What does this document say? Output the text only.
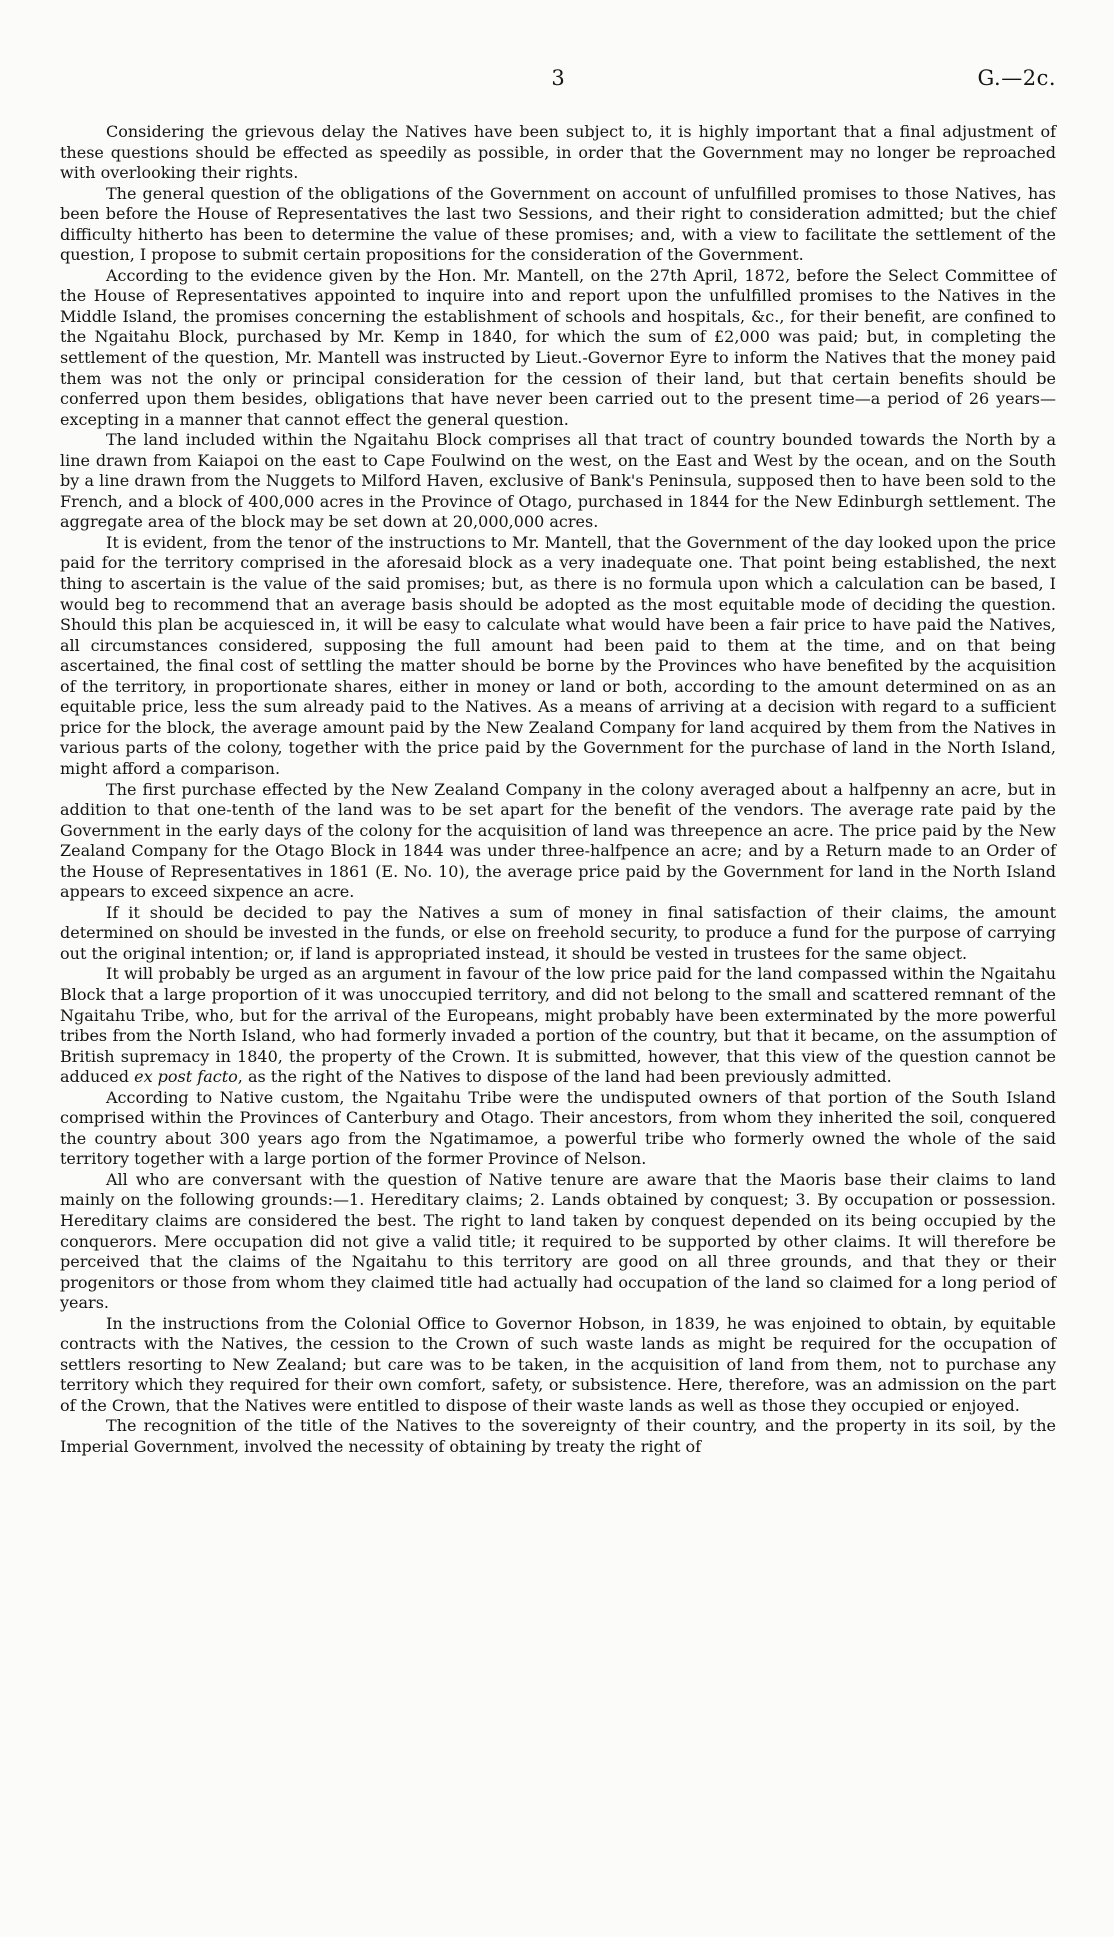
3	G.—2c.

Considering the grievous delay the Natives have been subject to, it is highly important that a final adjustment of these questions should be effected as speedily as possible, in order that the Government may no longer be reproached with overlooking their rights.

The general question of the obligations of the Government on account of unfulfilled promises to those Natives, has been before the House of Representatives the last two Sessions, and their right to consideration admitted; but the chief difficulty hitherto has been to determine the value of these promises; and, with a view to facilitate the settlement of the question, I propose to submit certain propositions for the consideration of the Government.

According to the evidence given by the Hon. Mr. Mantell, on the 27th April, 1872, before the Select Committee of the House of Representatives appointed to inquire into and report upon the unfulfilled promises to the Natives in the Middle Island, the promises concerning the establishment of schools and hospitals, &c., for their benefit, are confined to the Ngaitahu Block, purchased by Mr. Kemp in 1840, for which the sum of £2,000 was paid; but, in completing the settlement of the question, Mr. Mantell was instructed by Lieut.-Governor Eyre to inform the Natives that the money paid them was not the only or principal consideration for the cession of their land, but that certain benefits should be conferred upon them besides, obligations that have never been carried out to the present time—a period of 26 years—excepting in a manner that cannot effect the general question.

The land included within the Ngaitahu Block comprises all that tract of country bounded towards the North by a line drawn from Kaiapoi on the east to Cape Foulwind on the west, on the East and West by the ocean, and on the South by a line drawn from the Nuggets to Milford Haven, exclusive of Bank's Peninsula, supposed then to have been sold to the French, and a block of 400,000 acres in the Province of Otago, purchased in 1844 for the New Edinburgh settlement. The aggregate area of the block may be set down at 20,000,000 acres.

It is evident, from the tenor of the instructions to Mr. Mantell, that the Government of the day looked upon the price paid for the territory comprised in the aforesaid block as a very inadequate one. That point being established, the next thing to ascertain is the value of the said promises; but, as there is no formula upon which a calculation can be based, I would beg to recommend that an average basis should be adopted as the most equitable mode of deciding the question. Should this plan be acquiesced in, it will be easy to calculate what would have been a fair price to have paid the Natives, all circumstances considered, supposing the full amount had been paid to them at the time, and on that being ascertained, the final cost of settling the matter should be borne by the Provinces who have benefited by the acquisition of the territory, in proportionate shares, either in money or land or both, according to the amount determined on as an equitable price, less the sum already paid to the Natives. As a means of arriving at a decision with regard to a sufficient price for the block, the average amount paid by the New Zealand Company for land acquired by them from the Natives in various parts of the colony, together with the price paid by the Government for the purchase of land in the North Island, might afford a comparison.

The first purchase effected by the New Zealand Company in the colony averaged about a halfpenny an acre, but in addition to that one-tenth of the land was to be set apart for the benefit of the vendors. The average rate paid by the Government in the early days of the colony for the acquisition of land was threepence an acre. The price paid by the New Zealand Company for the Otago Block in 1844 was under three-halfpence an acre; and by a Return made to an Order of the House of Representatives in 1861 (E. No. 10), the average price paid by the Government for land in the North Island appears to exceed sixpence an acre.

If it should be decided to pay the Natives a sum of money in final satisfaction of their claims, the amount determined on should be invested in the funds, or else on freehold security, to produce a fund for the purpose of carrying out the original intention; or, if land is appropriated instead, it should be vested in trustees for the same object.

It will probably be urged as an argument in favour of the low price paid for the land compassed within the Ngaitahu Block that a large proportion of it was unoccupied territory, and did not belong to the small and scattered remnant of the Ngaitahu Tribe, who, but for the arrival of the Europeans, might probably have been exterminated by the more powerful tribes from the North Island, who had formerly invaded a portion of the country, but that it became, on the assumption of British supremacy in 1840, the property of the Crown. It is submitted, however, that this view of the question cannot be adduced ex post facto, as the right of the Natives to dispose of the land had been previously admitted.

According to Native custom, the Ngaitahu Tribe were the undisputed owners of that portion of the South Island comprised within the Provinces of Canterbury and Otago. Their ancestors, from whom they inherited the soil, conquered the country about 300 years ago from the Ngatimamoe, a powerful tribe who formerly owned the whole of the said territory together with a large portion of the former Province of Nelson.

All who are conversant with the question of Native tenure are aware that the Maoris base their claims to land mainly on the following grounds:—1. Hereditary claims; 2. Lands obtained by conquest; 3. By occupation or possession. Hereditary claims are considered the best. The right to land taken by conquest depended on its being occupied by the conquerors. Mere occupation did not give a valid title; it required to be supported by other claims. It will therefore be perceived that the claims of the Ngaitahu to this territory are good on all three grounds, and that they or their progenitors or those from whom they claimed title had actually had occupation of the land so claimed for a long period of years.

In the instructions from the Colonial Office to Governor Hobson, in 1839, he was enjoined to obtain, by equitable contracts with the Natives, the cession to the Crown of such waste lands as might be required for the occupation of settlers resorting to New Zealand; but care was to be taken, in the acquisition of land from them, not to purchase any territory which they required for their own comfort, safety, or subsistence. Here, therefore, was an admission on the part of the Crown, that the Natives were entitled to dispose of their waste lands as well as those they occupied or enjoyed.

The recognition of the title of the Natives to the sovereignty of their country, and the property in its soil, by the Imperial Government, involved the necessity of obtaining by treaty the right of
